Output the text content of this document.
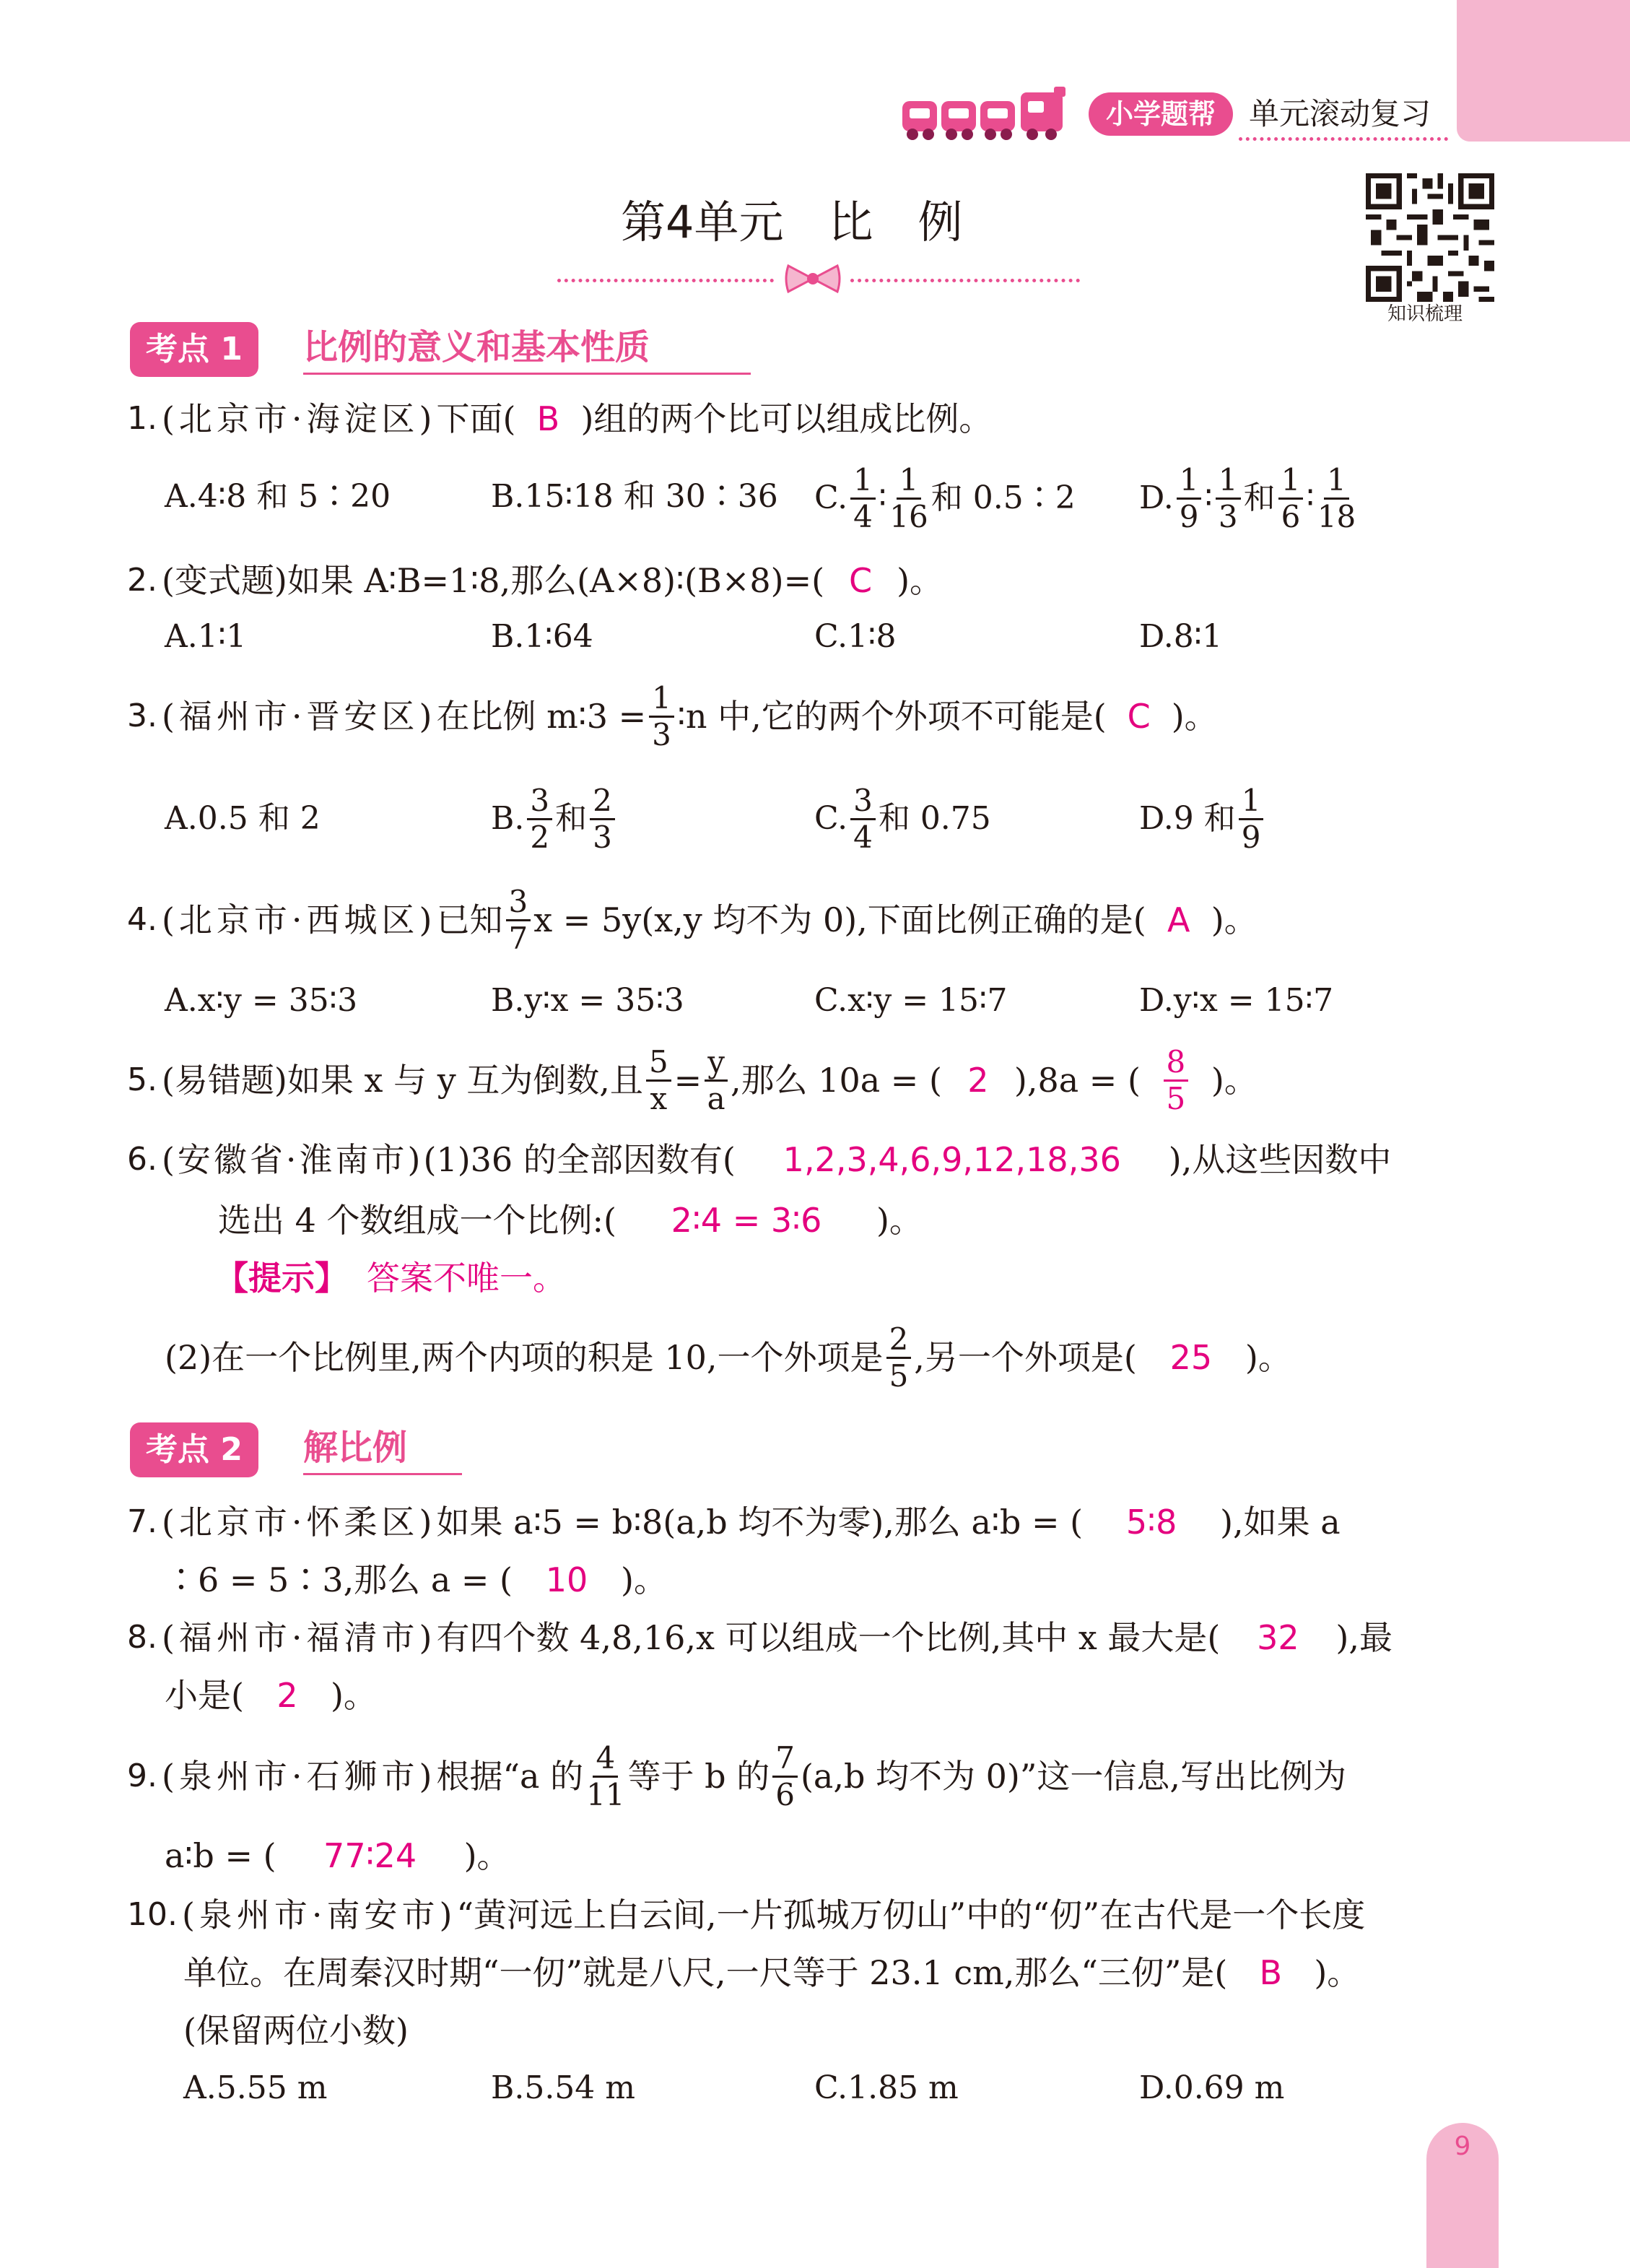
小学题帮	单元滚动复习
第4单元　比　例
知识梳理
考点 1	比例的意义和基本性质
1. (北京市·海淀区) 下面( B )组的两个比可以组成比例。
A.4∶8 和 5∶20	B.15∶18 和 30∶36 C. $\frac{1}{4}$ ∶ $\frac{1}{16}$ 和 0.5∶2 D. $\frac{1}{9}$ ∶ $\frac{1}{3}$ 和 $\frac{1}{6}$ ∶ $\frac{1}{18}$
2. (变式题) 如果 A∶B=1∶8,那么(A×8)∶(B×8)=( C )。
A.1∶1	B.1∶64	C.1∶8	D.8∶1
3. (福州市·晋安区) 在比例 m∶3 = $\frac{1}{3}$ ∶n 中,它的两个外项不可能是( C )。
A.0.5 和 2	B. $\frac{3}{2}$ 和 $\frac{2}{3}$	C. $\frac{3}{4}$ 和 0.75	D.9 和 $\frac{1}{9}$
4. (北京市·西城区) 已知 $\frac{3}{7}$ x = 5y(x,y 均不为 0),下面比例正确的是( A )。
A.x∶y = 35∶3	B.y∶x = 35∶3	C.x∶y = 15∶7	D.y∶x = 15∶7
5. (易错题) 如果 x 与 y 互为倒数,且 $\frac{5}{x} = \frac{y}{a}$ ,那么 10a = ( 2 ),8a = ( $\frac{8}{5}$ )。
6. (安徽省·淮南市) (1)36 的全部因数有(	1,2,3,4,6,9,12,18,36	),从这些因数中
选出 4 个数组成一个比例:(	2∶4 = 3∶6	)。
【提示】 答案不唯一。
(2)在一个比例里,两个内项的积是 10,一个外项是 $\frac{2}{5}$ ,另一个外项是( 25 )。
考点 2	解比例
7. (北京市·怀柔区) 如果 a∶5 = b∶8(a,b 均不为零),那么 a∶b = (	5∶8	),如果 a
∶6 = 5∶3,那么 a = ( 10 )。
8. (福州市·福清市) 有四个数 4,8,16,x 可以组成一个比例,其中 x 最大是(	32	),最
小是( 2 )。
9. (泉州市·石狮市) 根据“a 的 $\frac{4}{11}$ 等于 b 的 $\frac{7}{6} (a,b$ 均不为 0)”这一信息,写出比例为
a∶b = (	77∶24	)。
10. (泉州市·南安市) “黄河远上白云间,一片孤城万仞山”中的“仞”在古代是一个长度
单位。在周秦汉时期“一仞”就是八尺,一尺等于 23.1 cm,那么“三仞”是( B )。
(保留两位小数)
A.5.55 m	B.5.54 m	C.1.85 m	D.0.69 m
9
